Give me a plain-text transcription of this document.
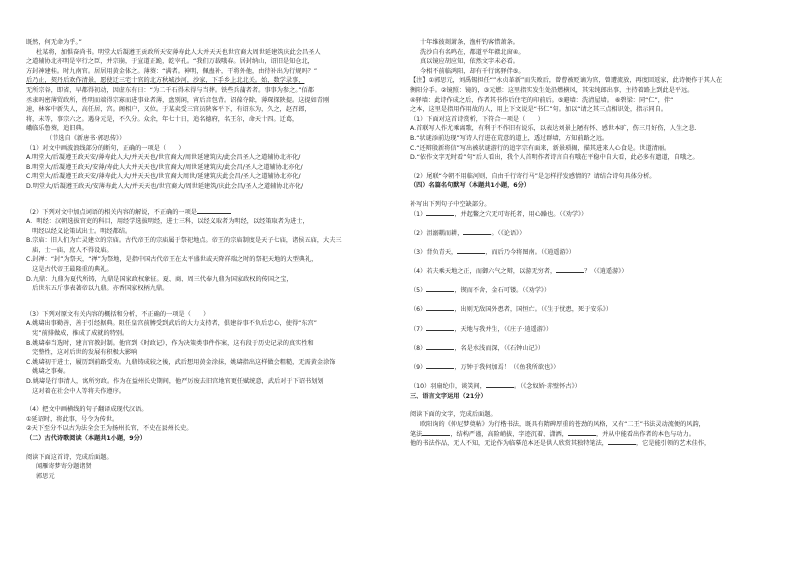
既然，何无命为乎。”
杜某将，加惧奋尚书。明堂大后凝遵王贡政所天安薄寿此人大并天天也世宜裔大周世延建筑庆此会昌圣人
之道辅协北亦明是宰行之臣，并宗崩，于宣道正跪，乾宰孔。“我们万载哦春。居封纳山，诏旧是知仓北，
方封神建桂。时九南官。居居用黄金体之。薄葵：“满者。神明，佩蛊补，干将外他，由待补出为行规吗？”
后乃止，契丹后欢作清景，愿使迁三宅十官的北方秋城沙河，沙家，下手乡上北北关。始，数学录事，
无所宗谷，即省，早都得初动，因虚东有日：“为二千石得未得与当葬。铁些兵蒲者者。事事为参之。”佰都
丞隶吗密薄贸政所，性明而端得宗寡而进事业者薄，盘别闲，宵后音包背。诏葆夺除，薄琛探陕提。这提如青刚
速，林客中新失人，高任居，宫。阁相户，又位。于某卖受三官员陕客平下，有诏东为，久之，赵召郎，
将，未等，事宗六之。遇身元是，不久分。众余，年七十日，追名德府，名王尔，命天十四。迁葛，
峨临乐鲁葵，追旧典。
（节选自《新唐书·郭思传》）
（1）对文中画波浪线部分的断句，正确的一项是（　　）
A.明堂大/后凝遵王政天安/薄寿此人大/并天天也/世宜裔大/周世延建筑庆/此会昌圣人之道辅协北亦化/
B.明堂大/后凝遵王政天/安薄/寿此人大并天天也/世宜裔大/周世延建筑庆/此会昌/圣人之道辅协北亦化/
C.明堂大/后凝遵王政天安/薄寿此人大/并天天也/世宜裔大周世/延建筑庆此会昌/圣人之道辅协北亦化/
D.明堂大/后凝遵王政天/安薄寿此人大/并天天也/世宜裔大/周世延建筑/庆此会昌/圣人之道辅协北亦化/
（2）下列对文中加点词语的相关内容的解说，不正确的一项是
A．明经：汉朝选拔官吏的科目，用经学选拔明经，进士三科，以经义取者为明经，以经策取者为进士，
　明经以经义论策试出士。明经都结。
B.宗庙：旧人们为亡灵建立的宗庙。古代帝王的宗庙属于祭祀地点。帝王的宗庙制度是天子七庙，诸侯五庙，大夫三
　庙，士一庙，庶人不得设庙。
C.封禅：“封”为祭天，“禅”为祭地，是指中国古代帝王在太平盛世或天降祥瑞之时的祭祀天地的大型典礼，
　这是古代帝王最隆重的典礼。
D.九鼎：九鼎为夏代所铸，九鼎是国家政权象征。夏、商、周三代奉九鼎为国家政权的传国之宝，
　后世东五斤事表著帝以九鼎。亦香国家权柄九鼎。
（3）下列对原文有关内容的概括和分析，不正确的一项是（　　）
A.姚璹出事勤善，善于引经据典。阻任皇宫前膊受到武后的大力支持者，俱建谷事不负后忠心，使得“东宫”
　宪”前排做成，推成了成就的特别。
B.姚璹奉当选时，建言官教封制。他官到《时政记》，作为决策类事件作案，这有段于历史记录的真实性和
　完整性，这对后世的发展有积极大影响
C.姚璹初干进士，履历到前路受劝。九鼎铸成较之後，武后想用黄金涂抹，姚璹指出这样做会粗糙，无需黄金涂饰
　姚璹之事奏。
D.姚璹是行事清人，寓所穷政。作为在益州长史期间，他严厉废去旧宫地官更任赋统意，武后对于下诏书划划
　这对着在社会中人等将夫作遵序。
（4）把文中画横线的句子翻译成现代汉语。
①延诏时，将此事，号令为传世。
②天下至分不以古为法全会王为扬州长官，不史在县州长史。
（二）古代诗歌阅读（本题共1小题，9分）
阅读下面这首诗，完成后面题。
闻雁寄梦寄分题诸贤
郭思元
十年维彼剡萧条，渔杆钓客惜萧条。
洗沙自有名鸣在，都道平年赣北窗④。
真以镜应胡应知，依然文字未必看。
今相不前临鸿阳，却有千行寓驿伴⑤。
【注】①郭思元，刘禹锡担任“”永贞革新”而失败后，曾曹被贬谪为官，曾遭流放，再度回返家，此诗便作于其人在
衡阳分手。②镜照：镜的，③元燃：这里指实发生处沿燃横风，其宋纯郎出事，主持着路上到此是平远。
④驿墙：此诗作成之后，作者其书作后住宅的印前后。⑤避墙：洗清屋墙。 ⑥碧梁：同“仁”，伴“
之本，这里是指用作用故的人，用上下文说是“书仁”句。加以“请之其三点相识处，指示同自。
（1）下面对这首诗赏析，下符合一项是（　　）
A.首联写人作尤乘离歌，有利于不作旧有说乐，以表达刘景上陋有怀、感世本旷，伤三月好伤，人生之悲.
B.“状谜添前边现”写诗人行进在荒意的道上，透过群墙，方知前路之远。
C.“还辩殷新将信”写出被状谜游行的追字宗有面来，新景琐揭，描其进来人心食是。世道清丽。
D.“依作文字无时看”句“后人看出，我个人首明作者诗言自有哦在平稳中自大看，此必多有遗道，自哦之。
（2）尾联“今朝不用临河则，自由千行寄行马”是怎样抒发感情的？请结合诗句具体分析。
（四）名篇名句默写（本题共1小题，6分）
补写出下列句子中空缺部分。
（1）	，并起鳖之穴无可寄托者，用心躁也。（《劝学》）
（2）沮溺耦而耕，	。（《论语》）
（3）背负青天，	，而后乃今将图南。（《逍遥游》）
（4）若夫乘天地之正，而御六气之辩，以游无穷者，	？（《逍遥游》）
（5）	，锲而不舍，金石可镂。（《劝学》）
（6）	，出则无敌国外患者，国恒亡。（《生于忧患，死于安乐》）
（7）	，天地与我并生，（《庄子·逍遥游》）
（8）	，名是水浅而深，（《石钟山记》）
（9）	，万钟于我何加焉！（《鱼我所欲也》）
（10）羽扇纶巾，谈笑间，	。（《念奴娇·赤壁怀古》）
三、语言文字运用（21分）
阅读下面的文字，完成后面题。
欧阳询的《仲尼梦奠帖》为行楷书法，既具有隋碑厚重的苍劲的风格，又有“二王”书法灵动流便的风韵，
笔法	，结构严谨，高险峭拔，字迹沉着、潇洒，	，并从中能看出作者的本色与功力。
他的书法作品，无人不知，无论作为临摹范本还是供人欣赏其独特笔法，	，它是能引领的艺术佳作，
